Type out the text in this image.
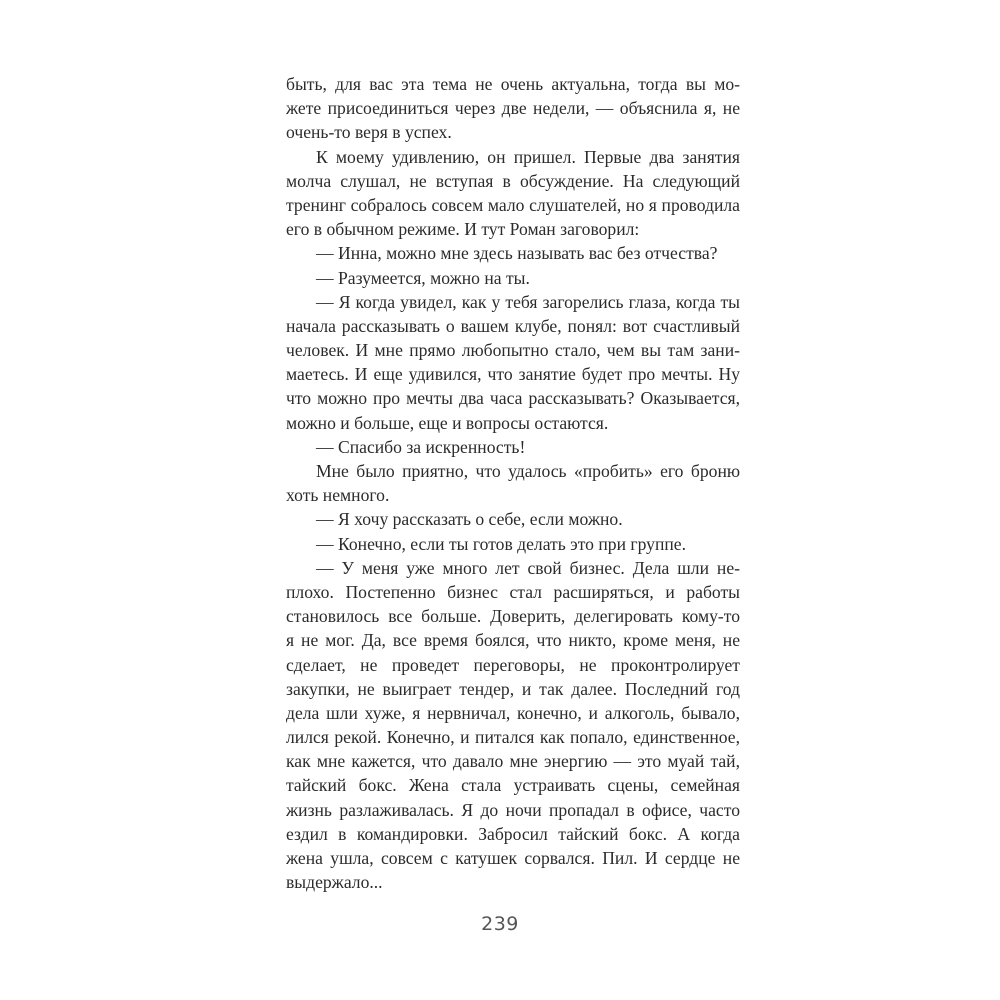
быть, для вас эта тема не очень актуальна, тогда вы мо-
жете присоединиться через две недели, — объяснила я, не
очень-то веря в успех.
К моему удивлению, он пришел. Первые два занятия
молча слушал, не вступая в обсуждение. На следующий
тренинг собралось совсем мало слушателей, но я проводила
его в обычном режиме. И тут Роман заговорил:
— Инна, можно мне здесь называть вас без отчества?
— Разумеется, можно на ты.
— Я когда увидел, как у тебя загорелись глаза, когда ты
начала рассказывать о вашем клубе, понял: вот счастливый
человек. И мне прямо любопытно стало, чем вы там зани-
маетесь. И еще удивился, что занятие будет про мечты. Ну
что можно про мечты два часа рассказывать? Оказывается,
можно и больше, еще и вопросы остаются.
— Спасибо за искренность!
Мне было приятно, что удалось «пробить» его броню
хоть немного.
— Я хочу рассказать о себе, если можно.
— Конечно, если ты готов делать это при группе.
— У меня уже много лет свой бизнес. Дела шли не-
плохо. Постепенно бизнес стал расширяться, и работы
становилось все больше. Доверить, делегировать кому-то
я не мог. Да, все время боялся, что никто, кроме меня, не
сделает, не проведет переговоры, не проконтролирует
закупки, не выиграет тендер, и так далее. Последний год
дела шли хуже, я нервничал, конечно, и алкоголь, бывало,
лился рекой. Конечно, и питался как попало, единственное,
как мне кажется, что давало мне энергию — это муай тай,
тайский бокс. Жена стала устраивать сцены, семейная
жизнь разлаживалась. Я до ночи пропадал в офисе, часто
ездил в командировки. Забросил тайский бокс. А когда
жена ушла, совсем с катушек сорвался. Пил. И сердце не
выдержало...
239
